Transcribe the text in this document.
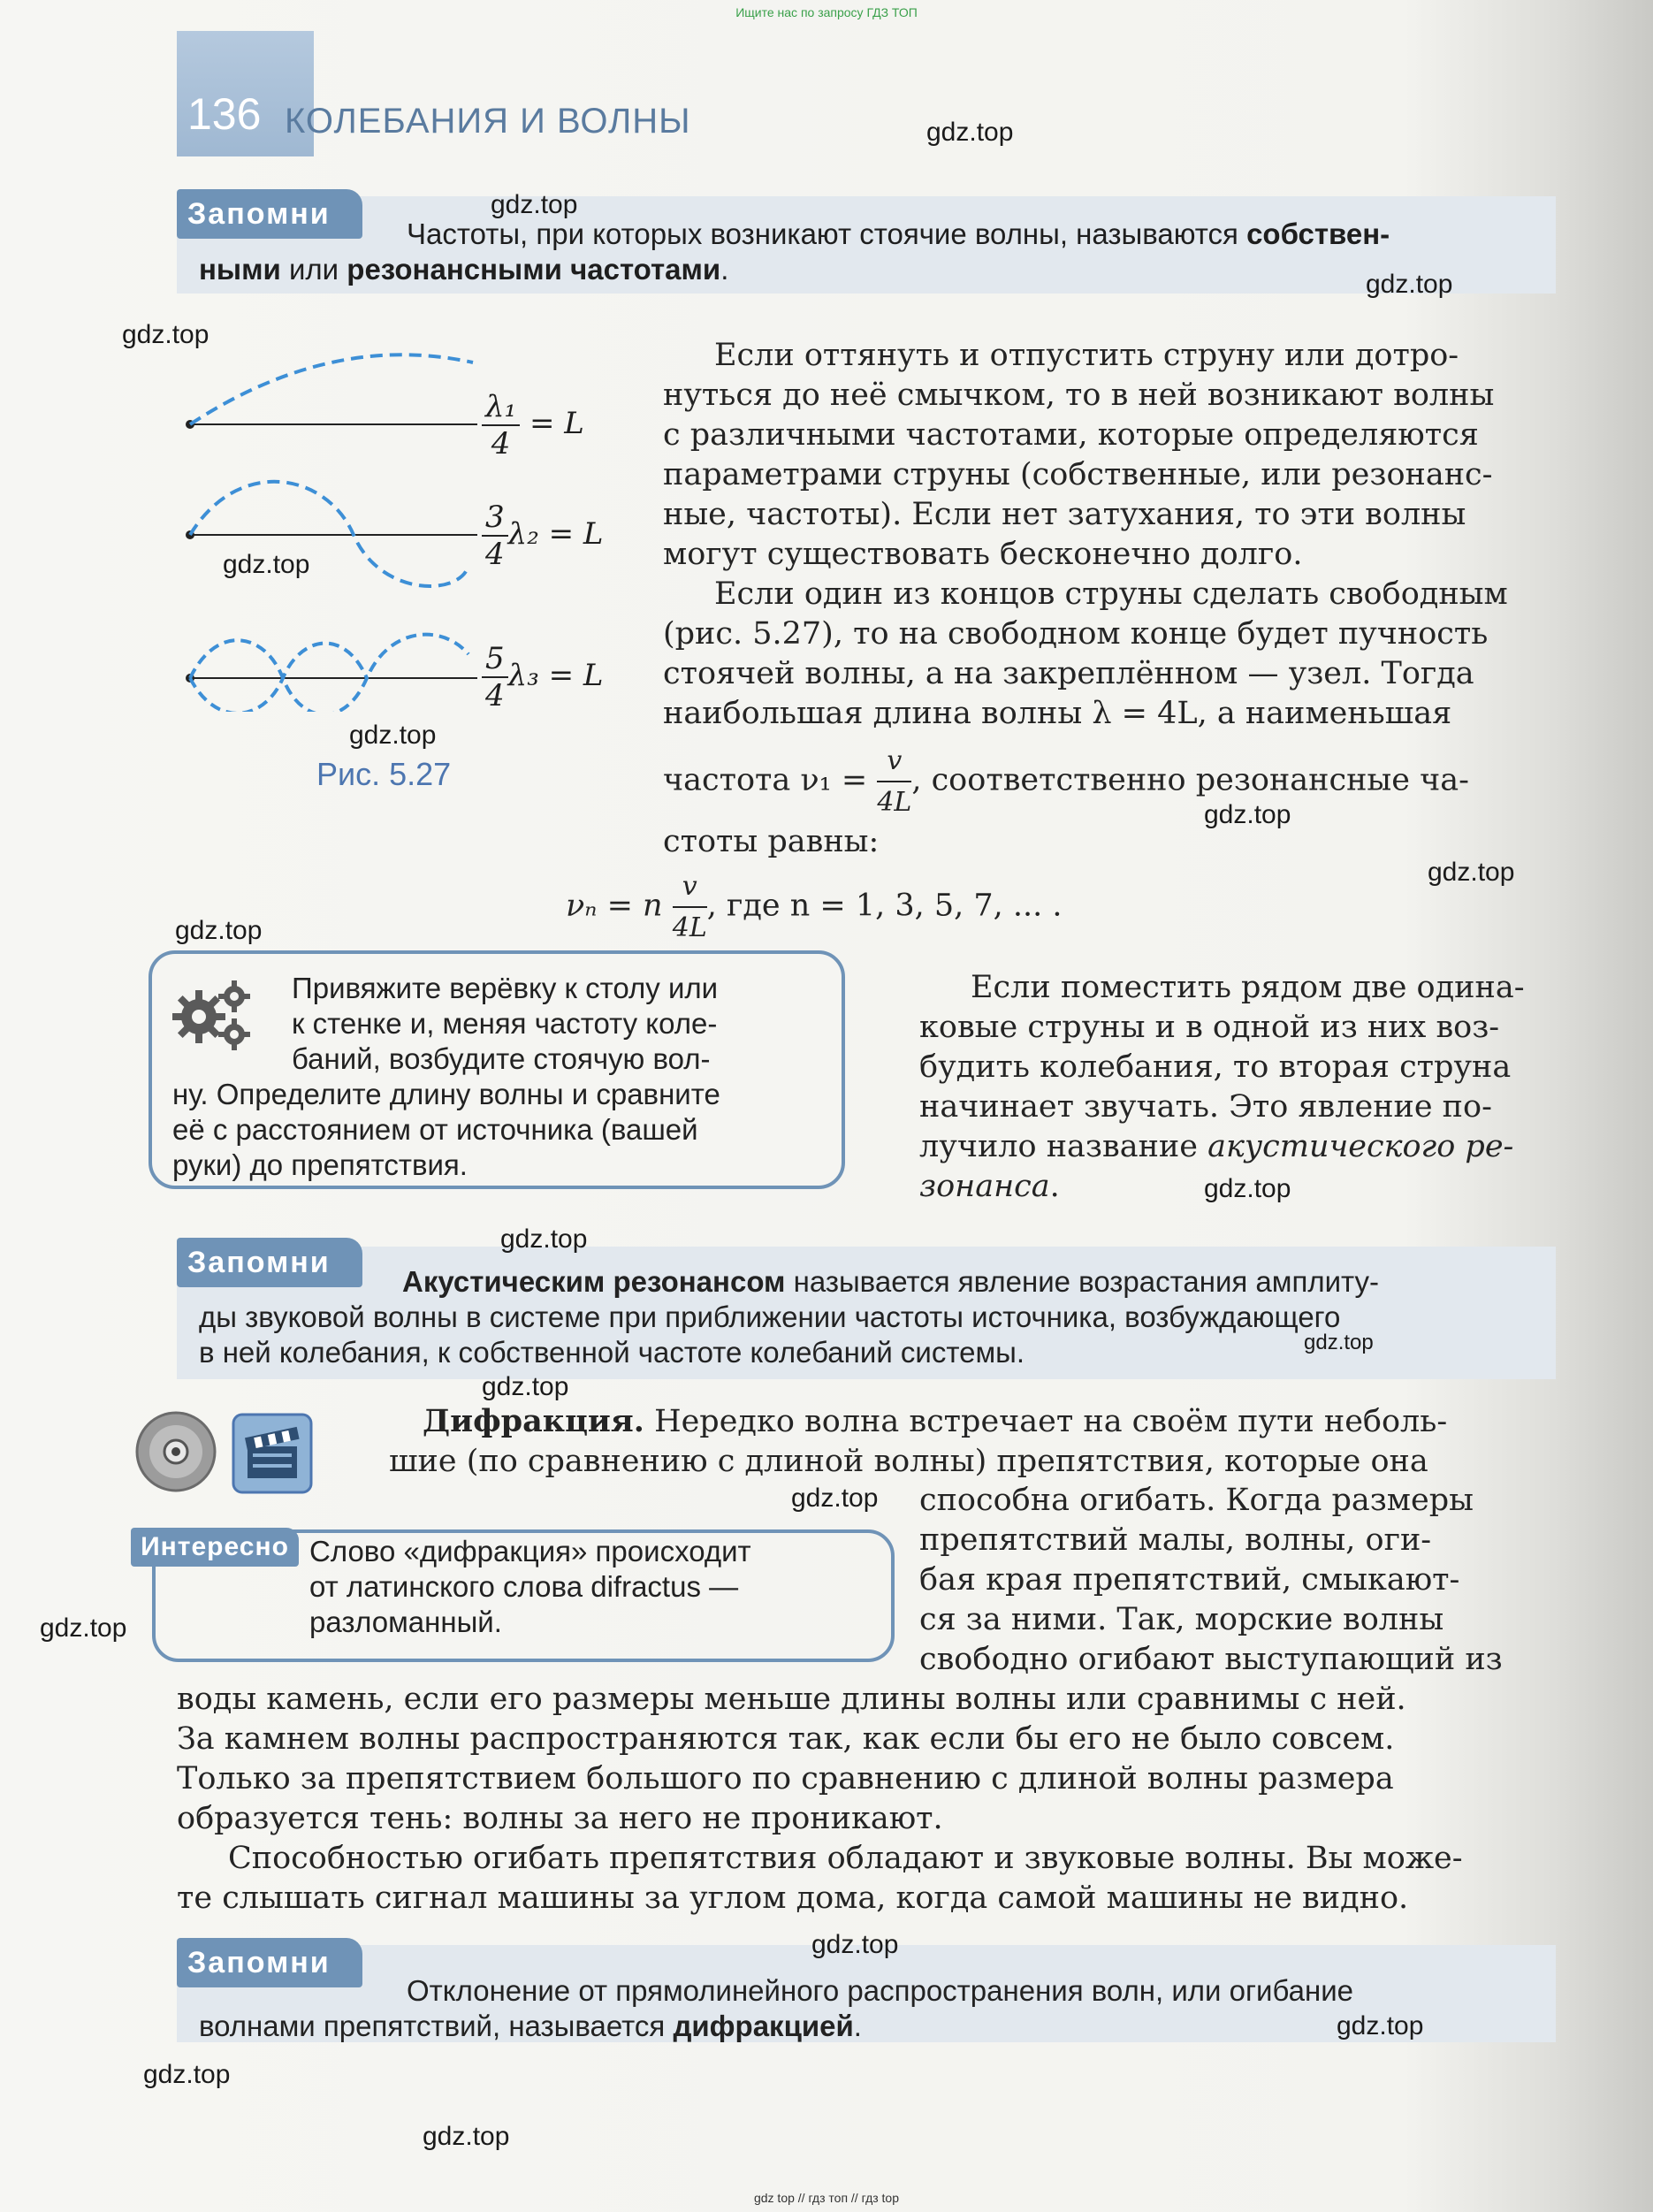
Ищите нас по запросу ГДЗ ТОП
136 КОЛЕБАНИЯ И ВОЛНЫ
Запомни
Частоты, при которых возникают стоячие волны, называются собствен-
ными или резонансными частотами.
$\frac{\text{λ₁}}{4} = L$
$\frac{3}{4} \lambda_2 = L$
$\frac{5}{4} \lambda_3 = L$
Рис. 5.27
Если оттянуть и отпустить струну или дотро-
нуться до неё смычком, то в ней возникают волны
с различными частотами, которые определяются
параметрами струны (собственные, или резонанс-
ные, частоты). Если нет затухания, то эти волны
могут существовать бесконечно долго.
Если один из концов струны сделать свободным
(рис. 5.27), то на свободном конце будет пучность
стоячей волны, а на закреплённом — узел. Тогда
наибольшая длина волны λ = 4L, а наименьшая
частота $\nu_1 = \frac{v}{4L}$ , соответственно резонансные ча-
стоты равны:
νₙ = n $\frac{v}{4L}$ , где n = 1, 3, 5, 7, ... .
Привяжите верёвку к столу или
к стенке и, меняя частоту коле-
баний, возбудите стоячую вол-
ну. Определите длину волны и сравните
её с расстоянием от источника (вашей
руки) до препятствия.
Если поместить рядом две одина-
ковые струны и в одной из них воз-
будить колебания, то вторая струна
начинает звучать. Это явление по-
лучило название акустического ре-
зонанса.
Запомни
Акустическим резонансом называется явление возрастания амплиту-
ды звуковой волны в системе при приближении частоты источника, возбуждающего
в ней колебания, к собственной частоте колебаний системы.
Дифракция. Нередко волна встречает на своём пути неболь-
шие (по сравнению с длиной волны) препятствия, которые она
способна огибать. Когда размеры
препятствий малы, волны, оги-
бая края препятствий, смыкают-
ся за ними. Так, морские волны
свободно огибают выступающий из
Интересно Слово «дифракция» происходит
от латинского слова difractus —
разломанный.
воды камень, если его размеры меньше длины волны или сравнимы с ней.
За камнем волны распространяются так, как если бы его не было совсем.
Только за препятствием большого по сравнению с длиной волны размера
образуется тень: волны за него не проникают.
Способностью огибать препятствия обладают и звуковые волны. Вы може-
те слышать сигнал машины за углом дома, когда самой машины не видно.
Запомни
Отклонение от прямолинейного распространения волн, или огибание
волнами препятствий, называется дифракцией.
gdz.top
gdz.top
gdz.top
gdz.top
gdz.top
gdz.top
gdz.top
gdz.top
gdz.top
gdz.top
gdz.top
gdz.top
gdz.top
gdz.top
gdz.top
gdz.top
gdz.top
gdz.top
gdz.top
gdz top // гдз топ // гдз top
